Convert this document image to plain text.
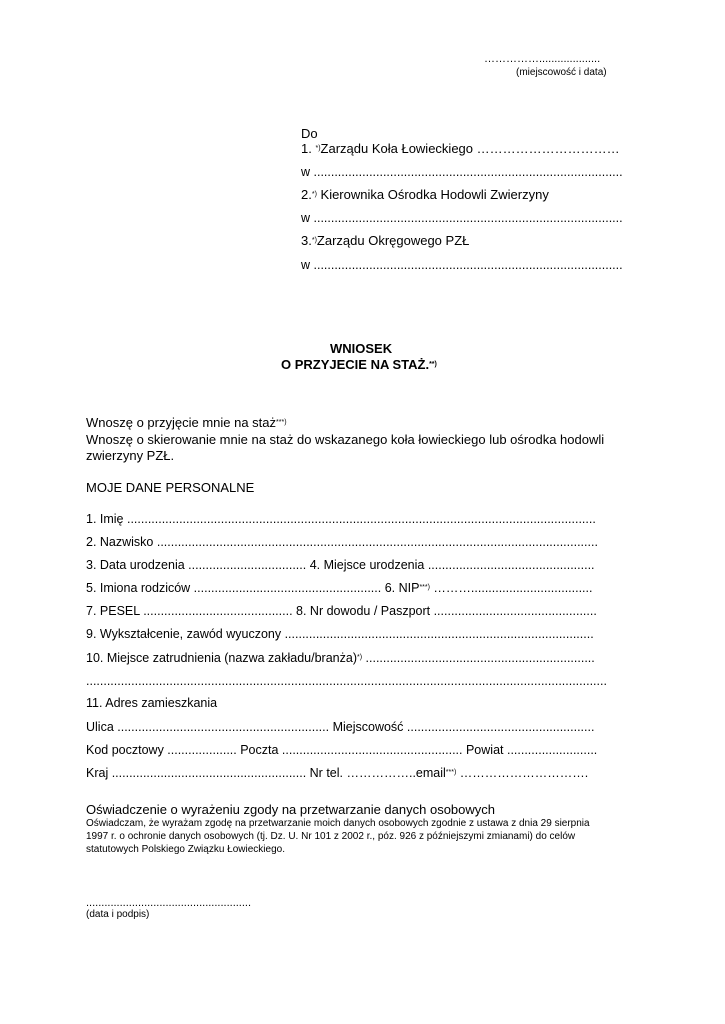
……………....................
(miejscowość i data)
Do
1. *)Zarządu Koła Łowieckiego ……………………………
w .........................................................................................
2.*) Kierownika Ośrodka Hodowli Zwierzyny
w .........................................................................................
3.*)Zarządu Okręgowego PZŁ
w .........................................................................................
WNIOSEK
O PRZYJECIE NA STAŻ.**)
Wnoszę o przyjęcie mnie na staż***)
Wnoszę o skierowanie mnie na staż do wskazanego koła łowieckiego lub ośrodka hodowli
zwierzyny PZŁ.
MOJE DANE PERSONALNE
1. Imię .......................................................................................................................................
2. Nazwisko ...............................................................................................................................
3. Data urodzenia .................................. 4. Miejsce urodzenia ................................................
5. Imiona rodziców ...................................................... 6. NIP***) ………...................................
7. PESEL ........................................... 8. Nr dowodu / Paszport ...............................................
9. Wykształcenie, zawód wyuczony .........................................................................................
10. Miejsce zatrudnienia (nazwa zakładu/branża)*) ..................................................................
......................................................................................................................................................
11. Adres zamieszkania
Ulica ............................................................. Miejscowość ......................................................
Kod pocztowy .................... Poczta .................................................... Powiat ..........................
Kraj ........................................................ Nr tel. ……………..email***) ………………………….
Oświadczenie o wyrażeniu zgody na przetwarzanie danych osobowych
Oświadczam, że wyrażam zgodę na przetwarzanie moich danych osobowych zgodnie z ustawa z dnia 29 sierpnia
1997 r. o ochronie danych osobowych (tj. Dz. U. Nr 101 z 2002 r., póz. 926 z późniejszymi zmianami) do celów
statutowych Polskiego Związku Łowieckiego.
......................................................
(data i podpis)
